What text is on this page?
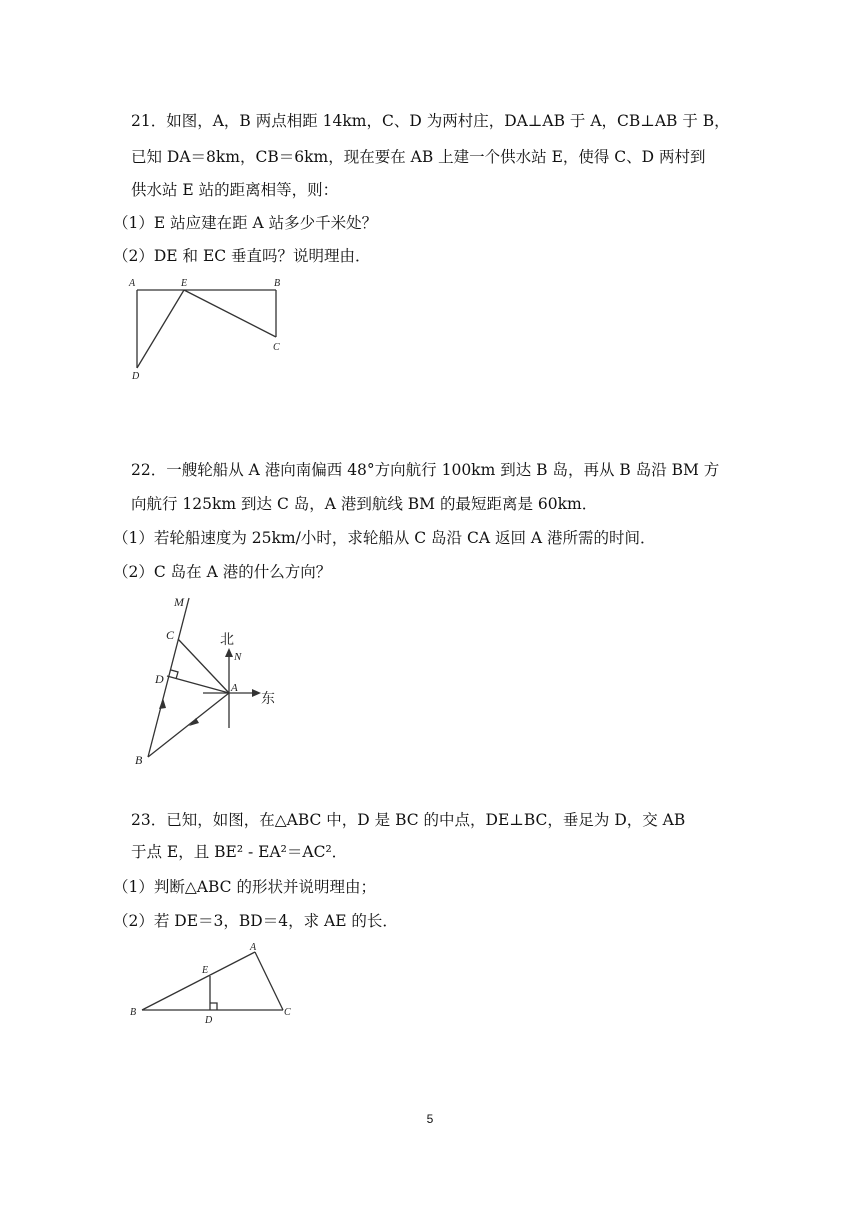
21．如图，A，B 两点相距 14km，C、D 为两村庄，DA⊥AB 于 A，CB⊥AB 于 B，
已知 DA＝8km，CB＝6km，现在要在 AB 上建一个供水站 E，使得 C、D 两村到
供水站 E 站的距离相等，则：
（1）E 站应建在距 A 站多少千米处？
（2）DE 和 EC 垂直吗？说明理由．
A	E	B
C
D
22．一艘轮船从 A 港向南偏西 48°方向航行 100km 到达 B 岛，再从 B 岛沿 BM 方
向航行 125km 到达 C 岛，A 港到航线 BM 的最短距离是 60km．
（1）若轮船速度为 25km/小时，求轮船从 C 岛沿 CA 返回 A 港所需的时间．
（2）C 岛在 A 港的什么方向？
M
C	北
N
D
A
东
B
23．已知，如图，在△ABC 中，D 是 BC 的中点，DE⊥BC，垂足为 D，交 AB
于点 E，且 BE² - EA²＝AC²．
（1）判断△ABC 的形状并说明理由；
（2）若 DE＝3，BD＝4，求 AE 的长．
A
E
B
D
C
5
